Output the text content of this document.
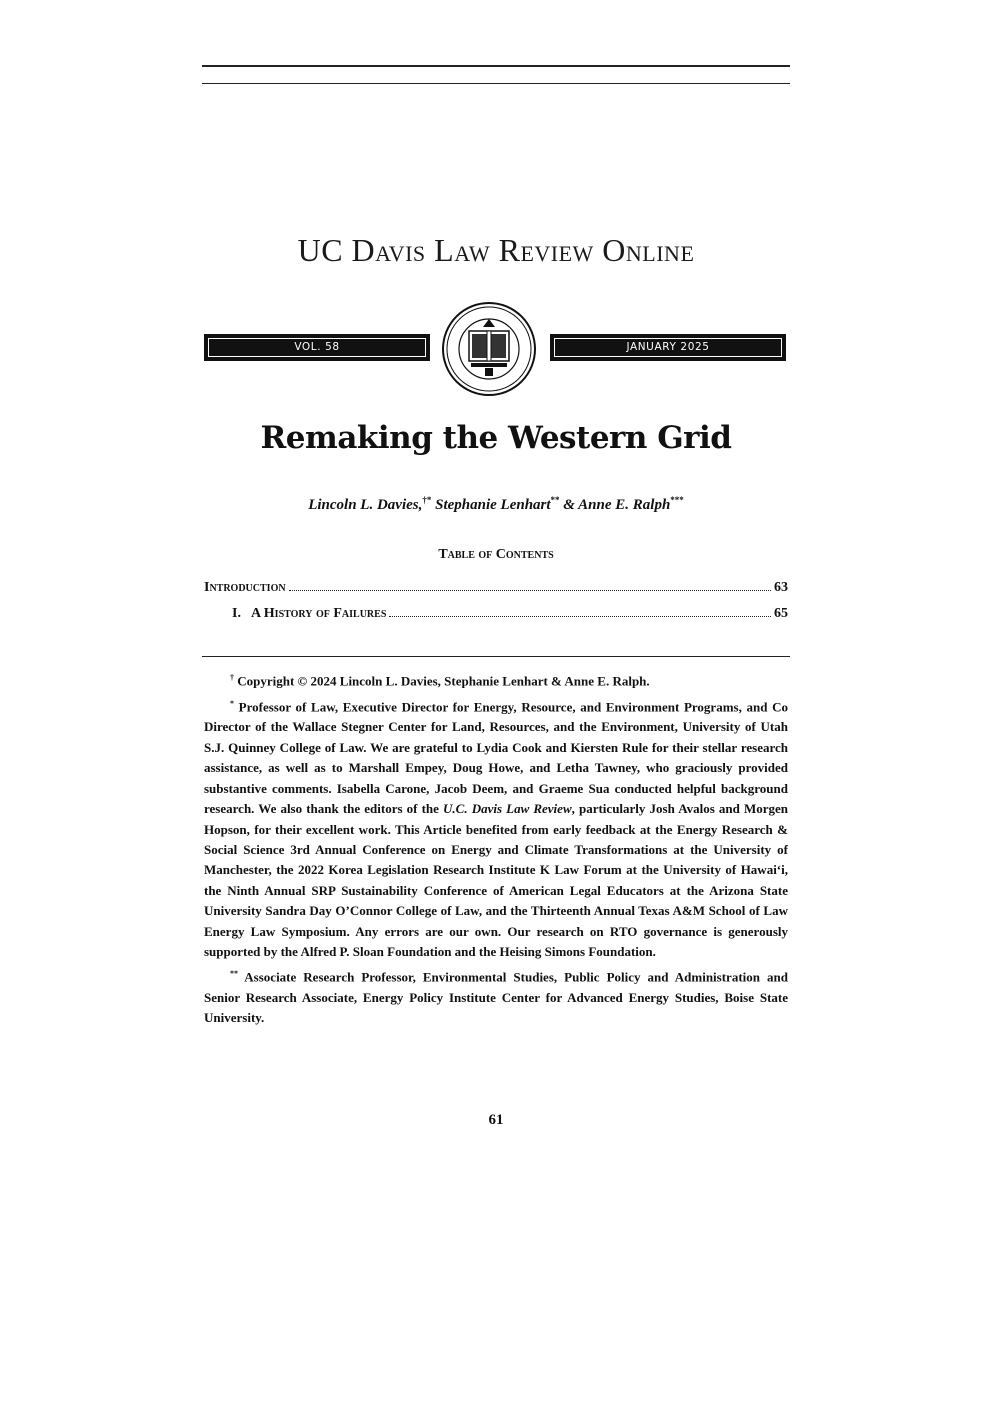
UC Davis Law Review Online
VOL. 58	JANUARY 2025
Remaking the Western Grid
Lincoln L. Davies,†* Stephanie Lenhart** & Anne E. Ralph***
Table of Contents
Introduction	63
I. A History of Failures	65

† Copyright © 2024 Lincoln L. Davies, Stephanie Lenhart & Anne E. Ralph.

* Professor of Law, Executive Director for Energy, Resource, and Environment Programs, and Co Director of the Wallace Stegner Center for Land, Resources, and the Environment, University of Utah S.J. Quinney College of Law. We are grateful to Lydia Cook and Kiersten Rule for their stellar research assistance, as well as to Marshall Empey, Doug Howe, and Letha Tawney, who graciously provided substantive comments. Isabella Carone, Jacob Deem, and Graeme Sua conducted helpful background research. We also thank the editors of the U.C. Davis Law Review, particularly Josh Avalos and Morgen Hopson, for their excellent work. This Article benefited from early feedback at the Energy Research & Social Science 3rd Annual Conference on Energy and Climate Transformations at the University of Manchester, the 2022 Korea Legislation Research Institute K Law Forum at the University of Hawai‘i, the Ninth Annual SRP Sustainability Conference of American Legal Educators at the Arizona State University Sandra Day O’Connor College of Law, and the Thirteenth Annual Texas A&M School of Law Energy Law Symposium. Any errors are our own. Our research on RTO governance is generously supported by the Alfred P. Sloan Foundation and the Heising Simons Foundation.

** Associate Research Professor, Environmental Studies, Public Policy and Administration and Senior Research Associate, Energy Policy Institute Center for Advanced Energy Studies, Boise State University.

61
